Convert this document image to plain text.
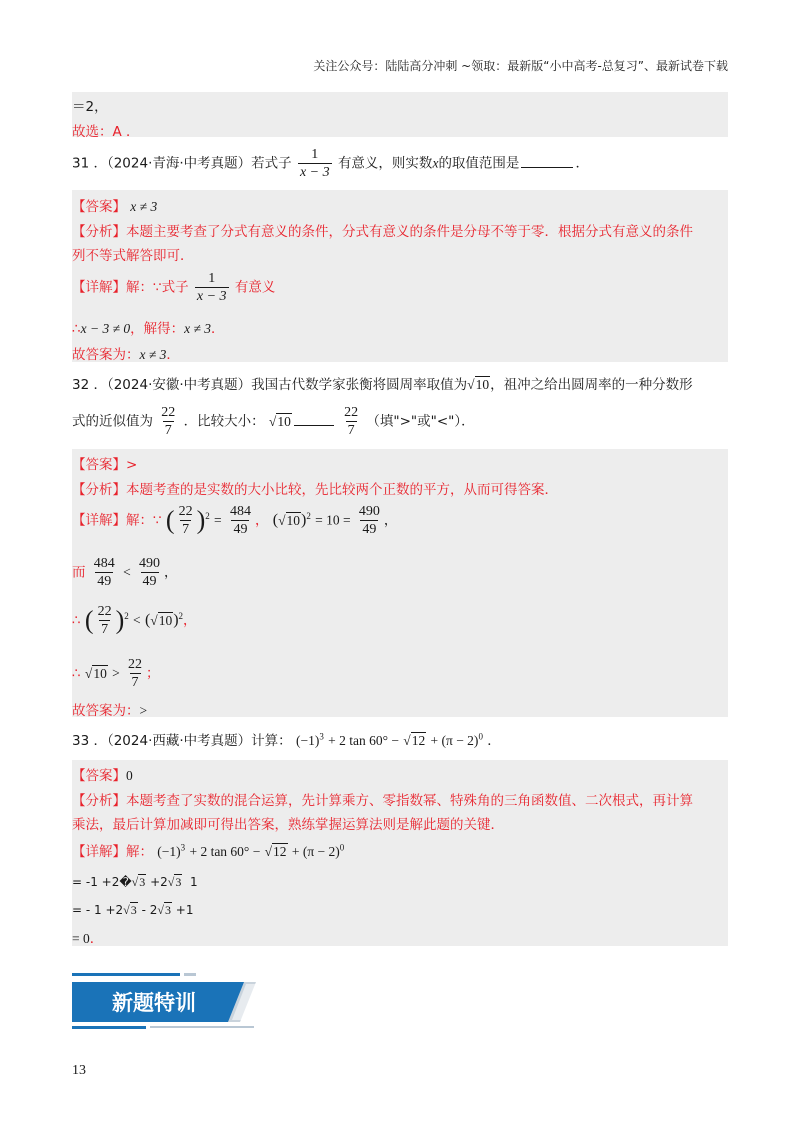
关注公众号：陆陆高分冲刺 ~领取：最新版“小中高考-总复习”、最新试卷下载
＝2，
故选：A ．
31 ．（2024·青海·中考真题）若式子 $\frac{1}{x - 3}$ 有意义，则实数x的取值范围是	．
【答案】 x ≠ 3
【分析】本题主要考查了分式有意义的条件，分式有意义的条件是分母不等于零．根据分式有意义的条件
列不等式解答即可．
【详解】解：∵式子 $\frac{1}{x - 3}$ 有意义
∴x − 3 ≠ 0，解得：x ≠ 3．
故答案为：x ≠ 3．
32 ．（2024·安徽·中考真题）我国古代数学家张衡将圆周率取值为√10，祖冲之给出圆周率的一种分数形
式的近似值为 $\frac{22}{7}$ ．比较大小： √10	$\frac{22}{7}$ （填">"或"<"）．
【答案】>
【分析】本题考查的是实数的大小比较，先比较两个正数的平方，从而可得答案．
【详解】解：∵ ( $\frac{22}{7} )^2 = \frac{484}{49}$ ， $(√10)^2 = 10 = \frac{490}{49}$ ，
而 $\frac{484}{49} < \frac{490}{49}$ ，
∴ ( $\frac{22}{7} )^2 < (√10)^2$，
∴ $√10 > \frac{22}{7}$ ；
故答案为：>
33 ．（2024·西藏·中考真题）计算： $(-1)^3 + 2$ $\tan 60^\circ - √12 + (\pi - 2)^0$ ．
【答案】0
【分析】本题考查了实数的混合运算，先计算乘方、零指数幂、特殊角的三角函数值、二次根式，再计算
乘法，最后计算加减即可得出答案，熟练掌握运算法则是解此题的关键．
【详解】解： $(-1)^3 + 2$ $\tan 60^\circ - √12 + (\pi - 2)^0$
= -1 +2�√3 +2√3 1
= - 1 +2√3 - 2√3 +1
= 0．
新题特训
13
